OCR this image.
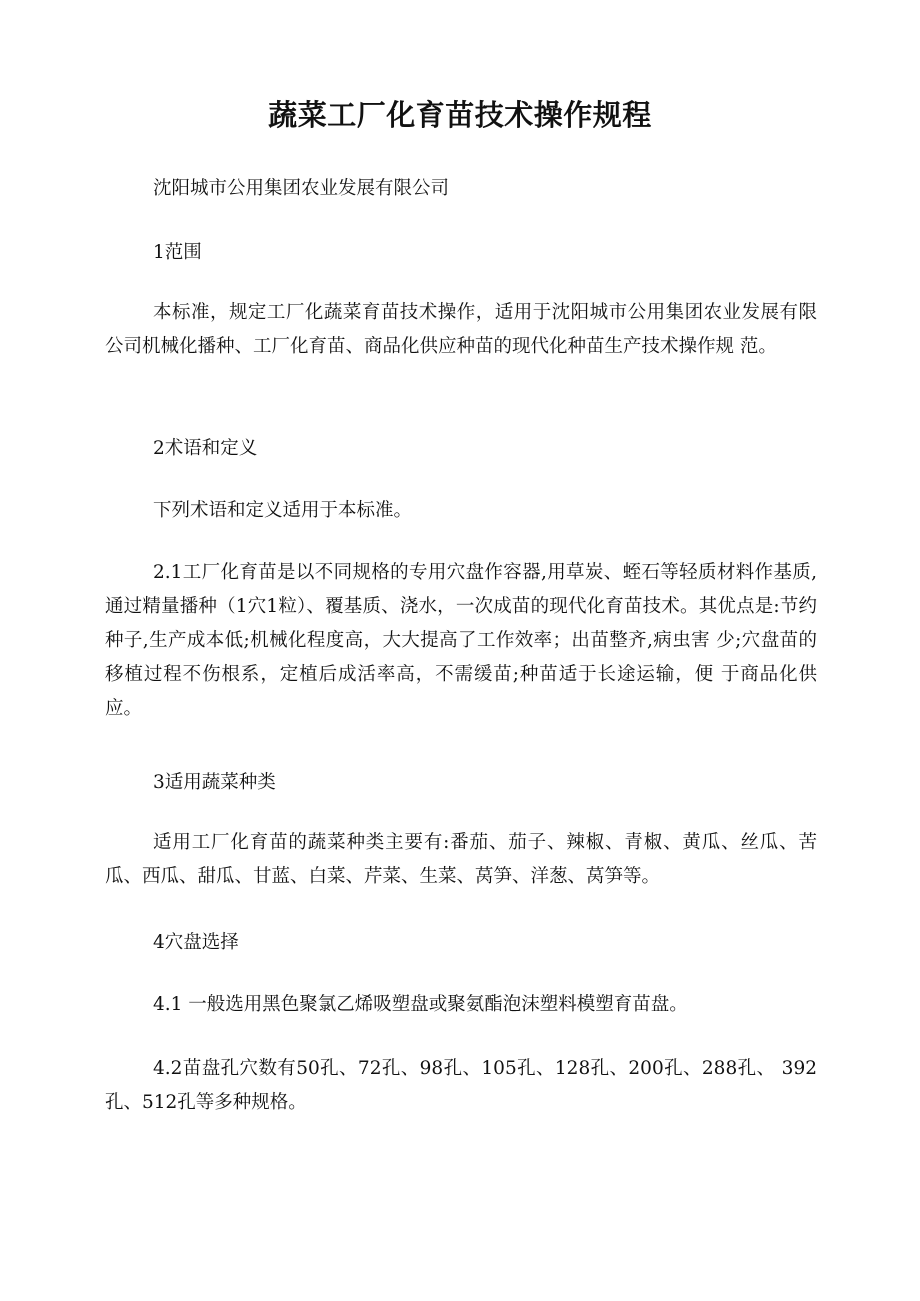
蔬菜工厂化育苗技术操作规程

沈阳城市公用集团农业发展有限公司

1范围

本标准，规定工厂化蔬菜育苗技术操作，适用于沈阳城市公用集团农业发展有限公司机械化播种、工厂化育苗、商品化供应种苗的现代化种苗生产技术操作规 范。

2术语和定义

下列术语和定义适用于本标准。

2.1工厂化育苗是以不同规格的专用穴盘作容器,用草炭、蛭石等轻质材料作基质,通过精量播种（1穴1粒）、覆基质、浇水，一次成苗的现代化育苗技术。其优点是:节约种子,生产成本低;机械化程度高，大大提高了工作效率；出苗整齐,病虫害 少;穴盘苗的移植过程不伤根系，定植后成活率高，不需缓苗;种苗适于长途运输，便 于商品化供应。

3适用蔬菜种类

适用工厂化育苗的蔬菜种类主要有:番茄、茄子、辣椒、青椒、黄瓜、丝瓜、苦瓜、西瓜、甜瓜、甘蓝、白菜、芹菜、生菜、莴笋、洋葱、莴笋等。

4穴盘选择

4.1 一般选用黑色聚氯乙烯吸塑盘或聚氨酯泡沫塑料模塑育苗盘。

4.2苗盘孔穴数有50孔、72孔、98孔、105孔、128孔、200孔、288孔、 392孔、512孔等多种规格。
